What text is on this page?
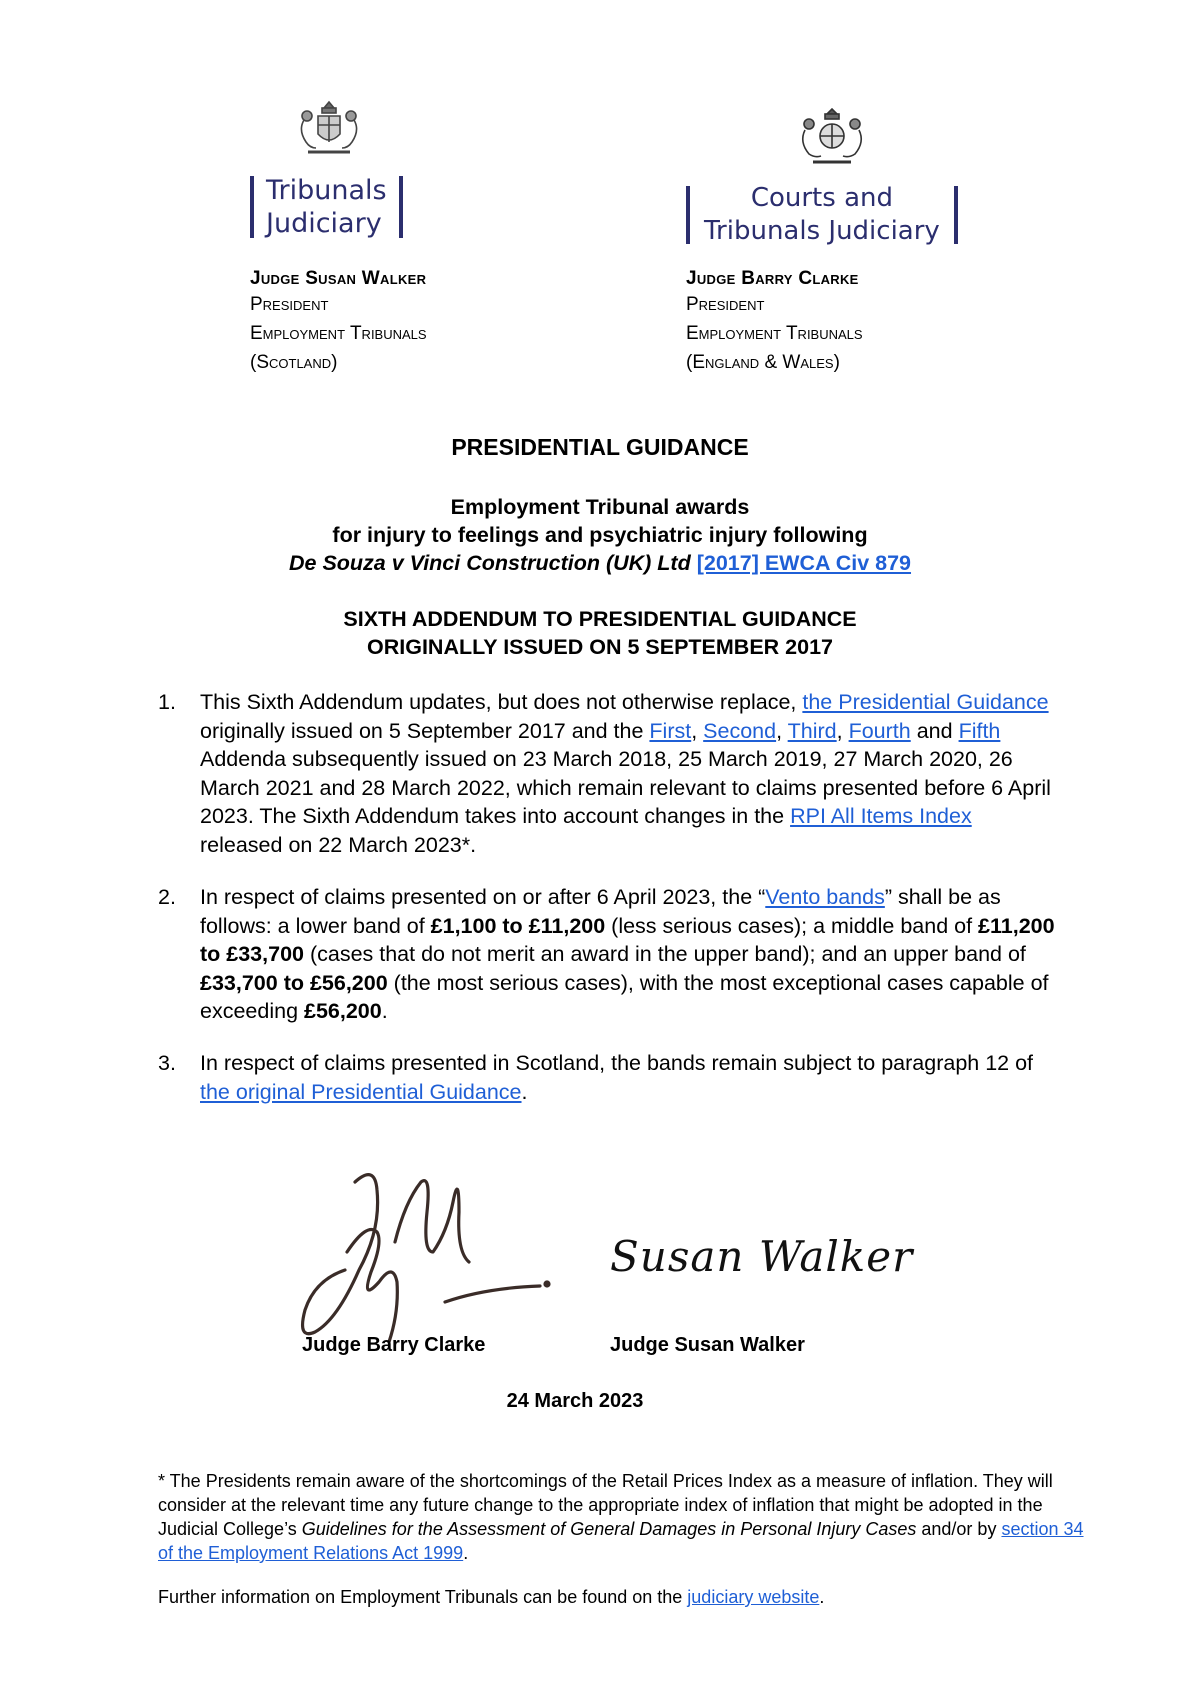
Tribunals
Judiciary
Judge Susan Walker
President
Employment Tribunals
(Scotland)
Courts and
Tribunals Judiciary
Judge Barry Clarke
President
Employment Tribunals
(England & Wales)
PRESIDENTIAL GUIDANCE
Employment Tribunal awards
for injury to feelings and psychiatric injury following
De Souza v Vinci Construction (UK) Ltd [2017] EWCA Civ 879
SIXTH ADDENDUM TO PRESIDENTIAL GUIDANCE
ORIGINALLY ISSUED ON 5 SEPTEMBER 2017
1.	This Sixth Addendum updates, but does not otherwise replace, the Presidential Guidance originally issued on 5 September 2017 and the First, Second, Third, Fourth and Fifth Addenda subsequently issued on 23 March 2018, 25 March 2019, 27 March 2020, 26 March 2021 and 28 March 2022, which remain relevant to claims presented before 6 April 2023. The Sixth Addendum takes into account changes in the RPI All Items Index released on 22 March 2023*.
2.	In respect of claims presented on or after 6 April 2023, the “Vento bands” shall be as follows: a lower band of £1,100 to £11,200 (less serious cases); a middle band of £11,200 to £33,700 (cases that do not merit an award in the upper band); and an upper band of £33,700 to £56,200 (the most serious cases), with the most exceptional cases capable of exceeding £56,200.
3.	In respect of claims presented in Scotland, the bands remain subject to paragraph 12 of the original Presidential Guidance.
Susan Walker
Judge Barry Clarke	Judge Susan Walker
24 March 2023
* The Presidents remain aware of the shortcomings of the Retail Prices Index as a measure of inflation. They will consider at the relevant time any future change to the appropriate index of inflation that might be adopted in the Judicial College’s Guidelines for the Assessment of General Damages in Personal Injury Cases and/or by section 34 of the Employment Relations Act 1999.
Further information on Employment Tribunals can be found on the judiciary website.
